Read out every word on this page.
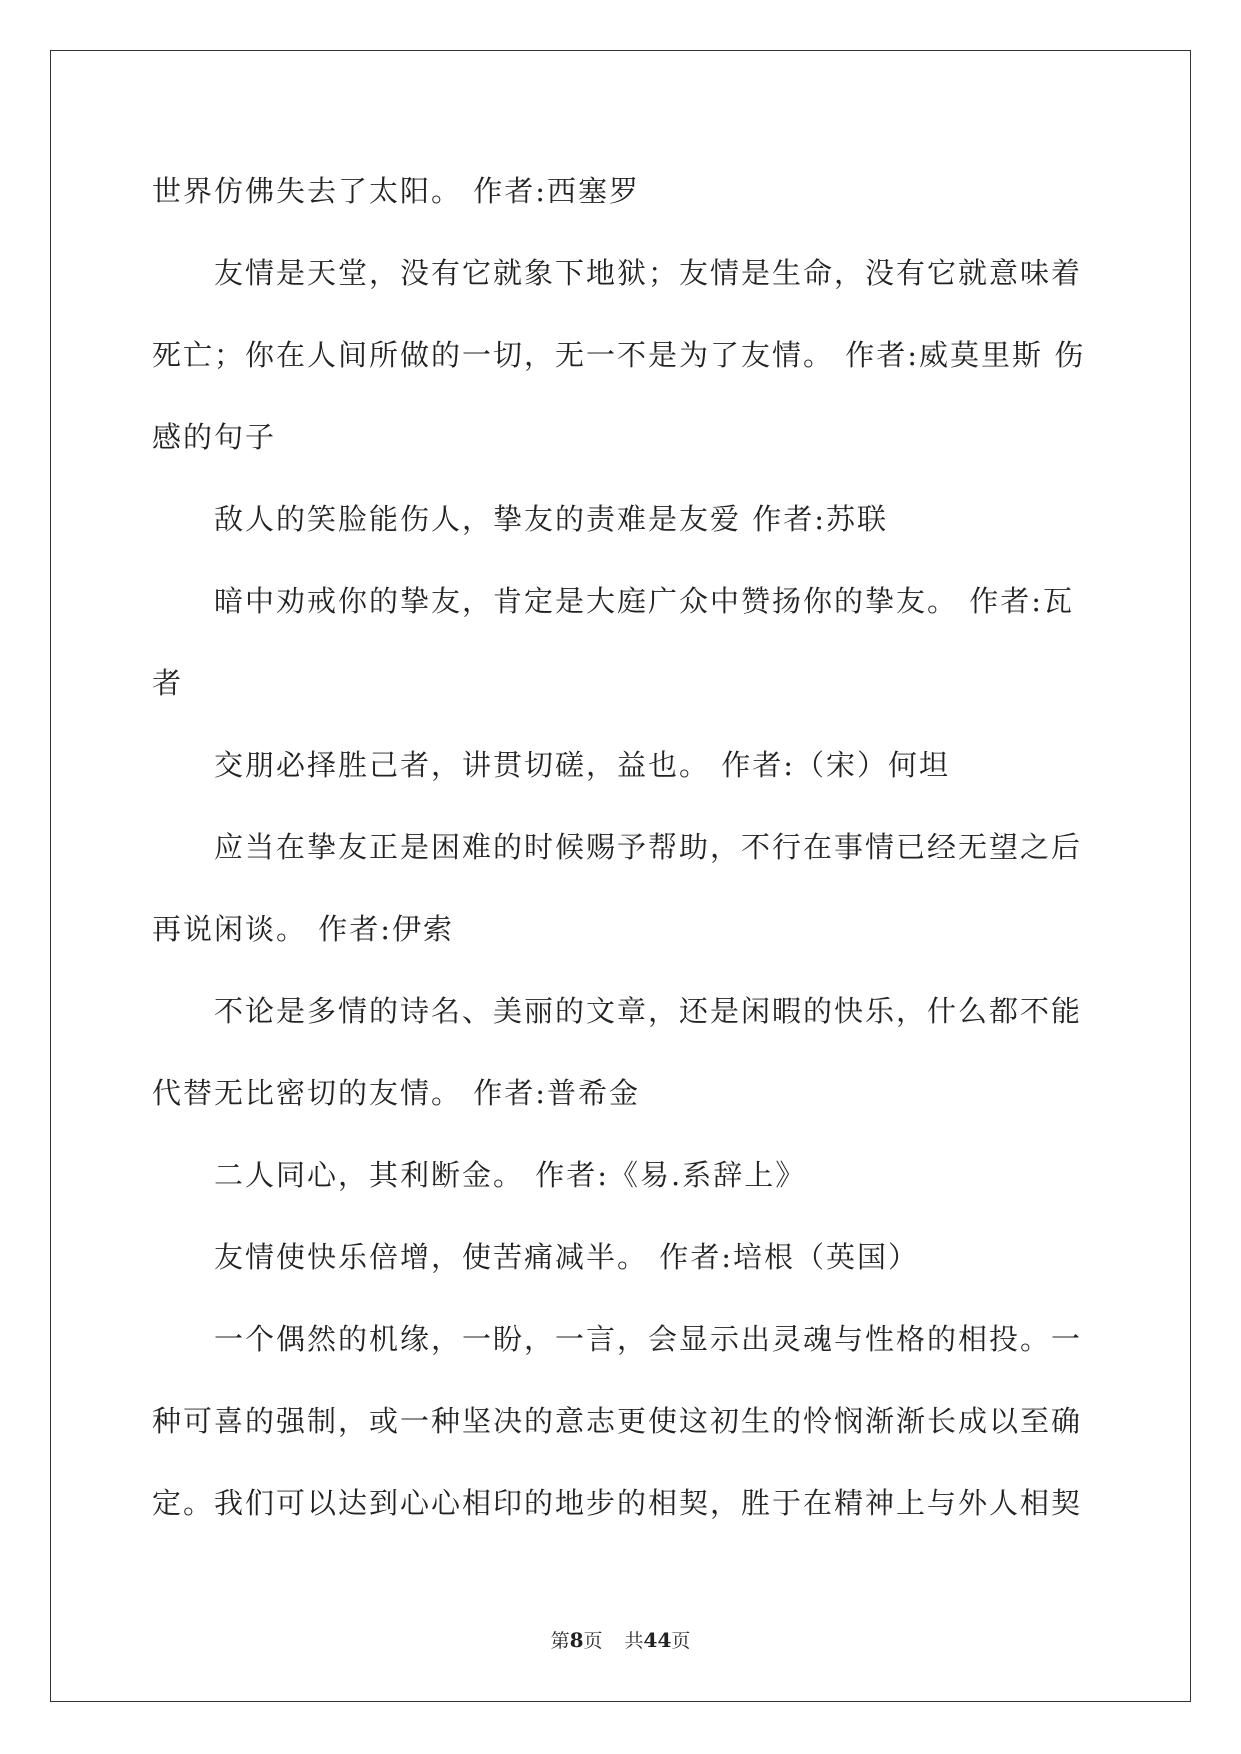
世界仿佛失去了太阳。 作者:西塞罗
友情是天堂，没有它就象下地狱；友情是生命，没有它就意味着
死亡；你在人间所做的一切，无一不是为了友情。 作者:威莫里斯 伤
感的句子
敌人的笑脸能伤人，挚友的责难是友爱 作者:苏联
暗中劝戒你的挚友，肯定是大庭广众中赞扬你的挚友。 作者:瓦
者
交朋必择胜己者，讲贯切磋，益也。 作者:（宋）何坦
应当在挚友正是困难的时候赐予帮助，不行在事情已经无望之后
再说闲谈。 作者:伊索
不论是多情的诗名、美丽的文章，还是闲暇的快乐，什么都不能
代替无比密切的友情。 作者:普希金
二人同心，其利断金。 作者:《易.系辞上》
友情使快乐倍增，使苦痛减半。 作者:培根（英国）
一个偶然的机缘，一盼，一言，会显示出灵魂与性格的相投。一
种可喜的强制，或一种坚决的意志更使这初生的怜悯渐渐长成以至确
定。我们可以达到心心相印的地步的相契，胜于在精神上与外人相契
第8页 共44页
